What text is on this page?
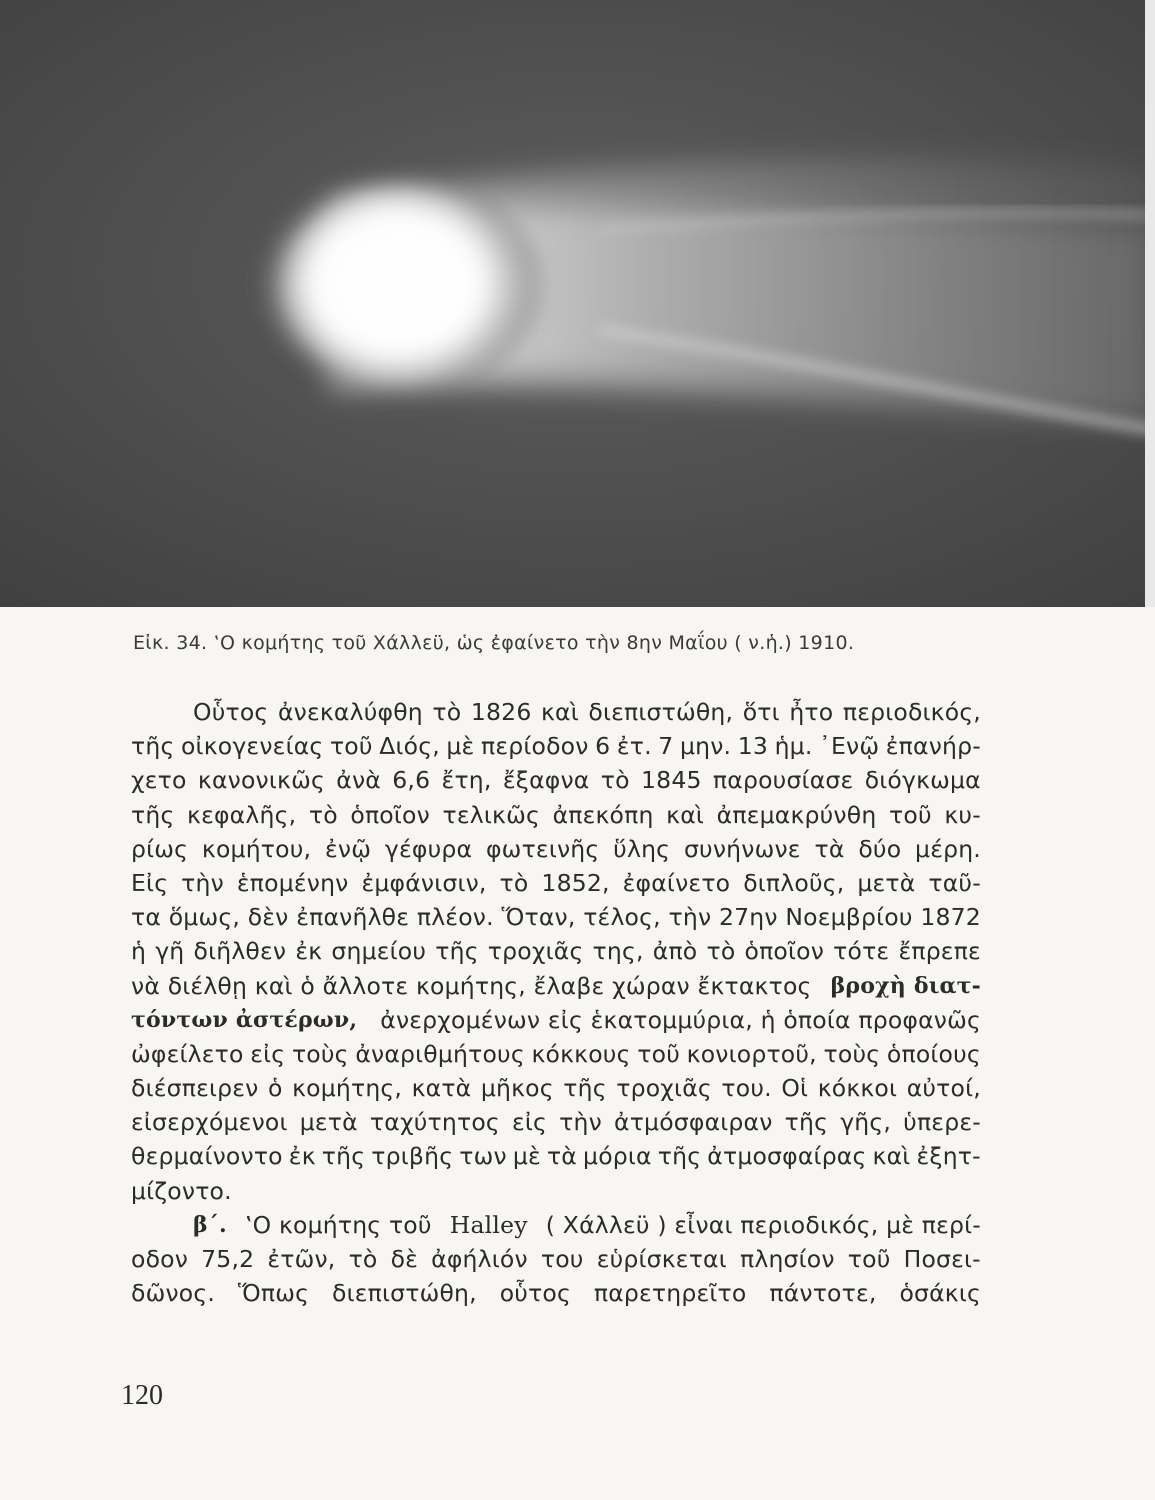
Εἰκ. 34. ‛Ο κομήτης τοῦ Χάλλεϋ, ὡς ἐφαίνετο τὴν 8ην Μαΐου ( ν.ἡ.) 1910.
Οὗτος ἀνεκαλύφθη τὸ 1826 καὶ διεπιστώθη, ὅτι ἦτο περιοδικός,
τῆς οἰκογενείας τοῦ Διός, μὲ περίοδον 6 ἐτ. 7 μην. 13 ἡμ. ᾿Ενῷ ἐπανήρ-
χετο κανονικῶς ἀνὰ 6,6 ἔτη, ἔξαφνα τὸ 1845 παρουσίασε διόγκωμα
τῆς κεφαλῆς, τὸ ὁποῖον τελικῶς ἀπεκόπη καὶ ἀπεμακρύνθη τοῦ κυ-
ρίως κομήτου, ἐνῷ γέφυρα φωτεινῆς ὕλης συνήνωνε τὰ δύο μέρη.
Εἰς τὴν ἑπομένην ἐμφάνισιν, τὸ 1852, ἐφαίνετο διπλοῦς, μετὰ ταῦ-
τα ὅμως, δὲν ἐπανῆλθε πλέον. Ὅταν, τέλος, τὴν 27ην Νοεμβρίου 1872
ἡ γῆ διῆλθεν ἐκ σημείου τῆς τροχιᾶς της, ἀπὸ τὸ ὁποῖον τότε ἔπρεπε
νὰ διέλθῃ καὶ ὁ ἄλλοτε κομήτης, ἔλαβε χώραν ἔκτακτος βροχὴ διατ-
τόντων ἀστέρων, ἀνερχομένων εἰς ἑκατομμύρια, ἡ ὁποία προφανῶς
ὠφείλετο εἰς τοὺς ἀναριθμήτους κόκκους τοῦ κονιορτοῦ, τοὺς ὁποίους
διέσπειρεν ὁ κομήτης, κατὰ μῆκος τῆς τροχιᾶς του. Οἱ κόκκοι αὐτοί,
εἰσερχόμενοι μετὰ ταχύτητος εἰς τὴν ἀτμόσφαιραν τῆς γῆς, ὑπερε-
θερμαίνοντο ἐκ τῆς τριβῆς των μὲ τὰ μόρια τῆς ἀτμοσφαίρας καὶ ἐξητ-
μίζοντο.
β΄. ‛Ο κομήτης τοῦ Halley ( Χάλλεϋ ) εἶναι περιοδικός, μὲ περί-
οδον 75,2 ἐτῶν, τὸ δὲ ἀφήλιόν του εὑρίσκεται πλησίον τοῦ Ποσει-
δῶνος. Ὅπως διεπιστώθη, οὗτος παρετηρεῖτο πάντοτε, ὁσάκις
120
